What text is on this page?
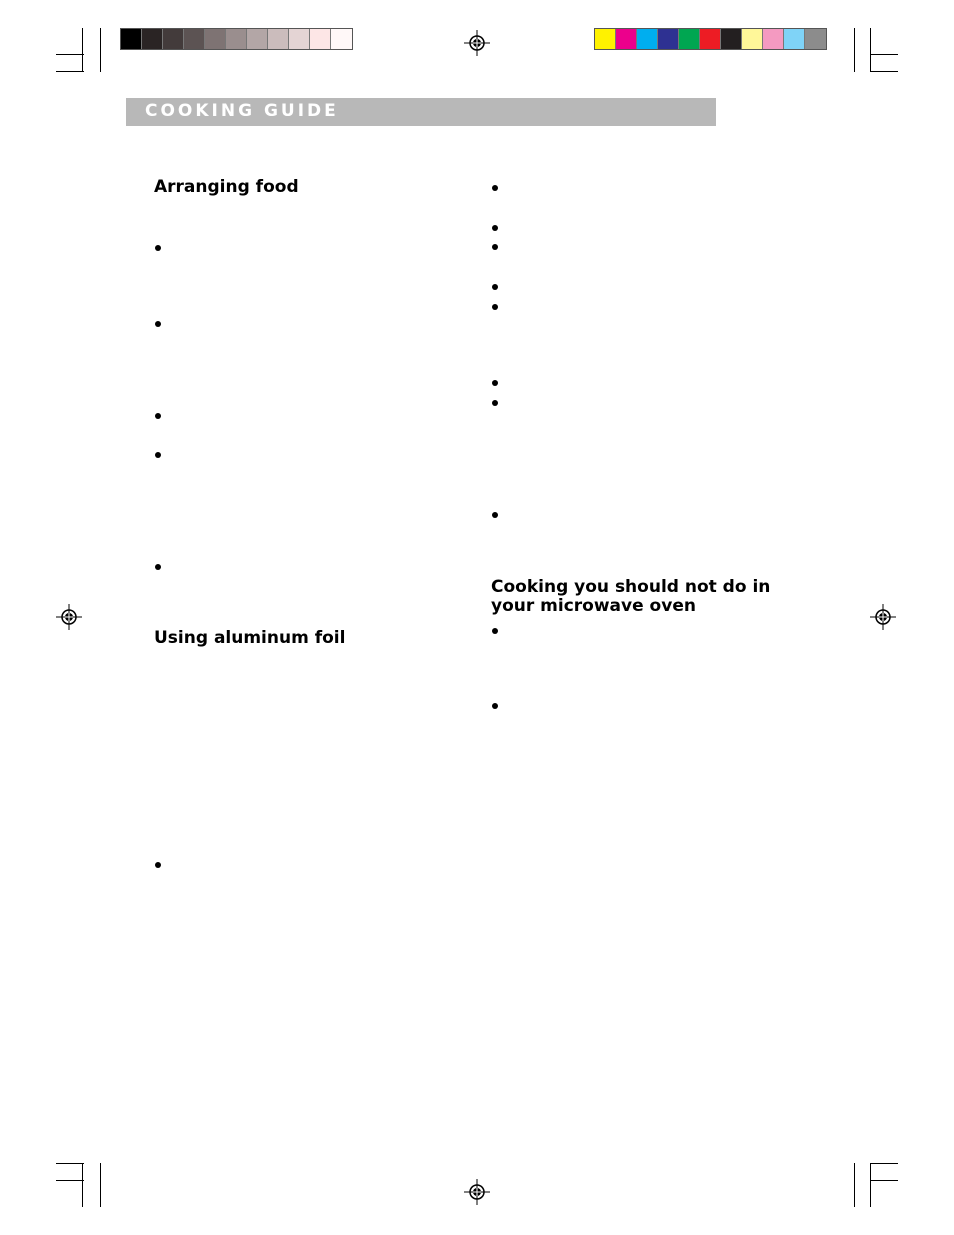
COOKING GUIDE
Arranging food
Using aluminum foil
Cooking you should not do in
your microwave oven
